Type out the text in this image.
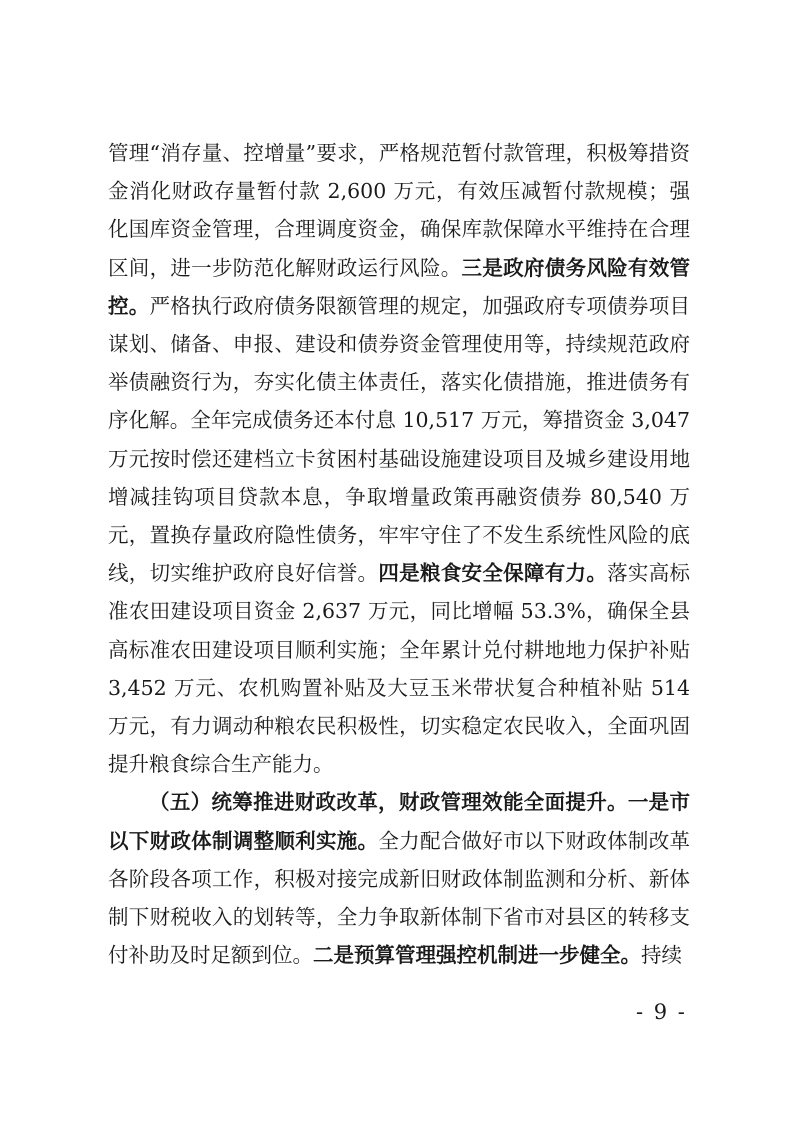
管理“消存量、控增量”要求，严格规范暂付款管理，积极筹措资金消化财政存量暂付款 2,600 万元，有效压减暂付款规模；强化国库资金管理，合理调度资金，确保库款保障水平维持在合理区间，进一步防范化解财政运行风险。三是政府债务风险有效管控。严格执行政府债务限额管理的规定，加强政府专项债券项目谋划、储备、申报、建设和债券资金管理使用等，持续规范政府举债融资行为，夯实化债主体责任，落实化债措施，推进债务有序化解。全年完成债务还本付息 10,517 万元，筹措资金 3,047 万元按时偿还建档立卡贫困村基础设施建设项目及城乡建设用地增减挂钩项目贷款本息，争取增量政策再融资债券 80,540 万元，置换存量政府隐性债务，牢牢守住了不发生系统性风险的底线，切实维护政府良好信誉。四是粮食安全保障有力。落实高标准农田建设项目资金 2,637 万元，同比增幅 53.3%，确保全县高标准农田建设项目顺利实施；全年累计兑付耕地地力保护补贴 3,452 万元、农机购置补贴及大豆玉米带状复合种植补贴 514 万元，有力调动种粮农民积极性，切实稳定农民收入，全面巩固提升粮食综合生产能力。

（五）统筹推进财政改革，财政管理效能全面提升。一是市以下财政体制调整顺利实施。全力配合做好市以下财政体制改革各阶段各项工作，积极对接完成新旧财政体制监测和分析、新体制下财税收入的划转等，全力争取新体制下省市对县区的转移支付补助及时足额到位。二是预算管理强控机制进一步健全。持续

- 9 -
